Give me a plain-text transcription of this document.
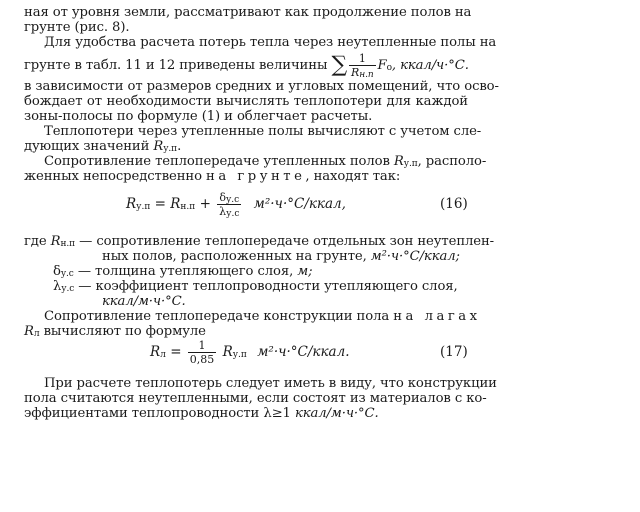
ная от уровня земли, рассматривают как продолжение полов на
грунте (рис. 8).
Для удобства расчета потерь тепла через неутепленные полы на
грунте в табл. 11 и 12 приведены величины ∑ $\frac{1}{R_{н.п}} F_о$, ккал/ч·°С.
в зависимости от размеров средних и угловых помещений, что осво-
бождает от необходимости вычислять теплопотери для каждой
зоны-полосы по формуле (1) и облегчает расчеты.
Теплопотери через утепленные полы вычисляют с учетом сле-
дующих значений $R_{у.п}$.
Сопротивление теплопередаче утепленных полов $R_{у.п}$, располо-
женных непосредственно на грунте, находят так:
$R_{у.п} = R_{н.п} + \frac{\delta_{у.с}}{\lambda_{у.с}}$ м²·ч·°С/ккал,	(16)
где $R_{н.п}$ — сопротивление теплопередаче отдельных зон неутеплен-
ных полов, расположенных на грунте, м²·ч·°С/ккал;
$\delta_{у.с}$ — толщина утепляющего слоя, м;
$\lambda_{у.с}$ — коэффициент теплопроводности утепляющего слоя,
ккал/м·ч·°С.
Сопротивление теплопередаче конструкции пола на лагах
$R_л$ вычисляют по формуле
$R_л = \frac{1}{0,85} R_{у.п}$ м²·ч·°С/ккал.	(17)
При расчете теплопотерь следует иметь в виду, что конструкции
пола считаются неутепленными, если состоят из материалов с ко-
эффициентами теплопроводности λ≥1 ккал/м·ч·°С.
